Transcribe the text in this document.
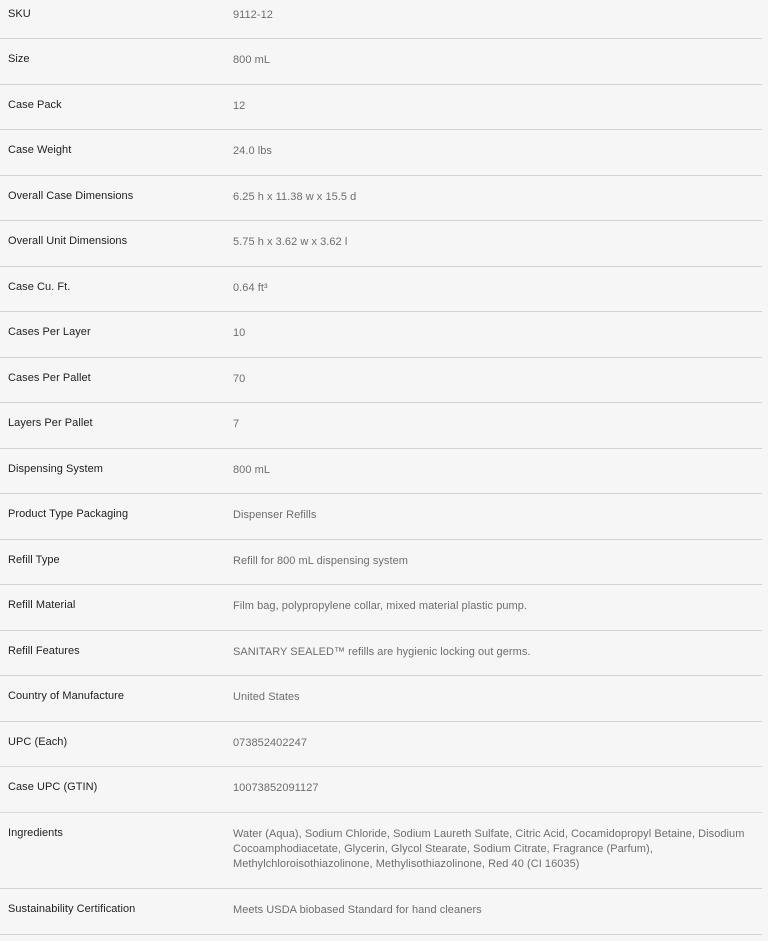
SKU	9112-12
Size	800 mL
Case Pack	12
Case Weight	24.0 lbs
Overall Case Dimensions	6.25 h x 11.38 w x 15.5 d
Overall Unit Dimensions	5.75 h x 3.62 w x 3.62 l
Case Cu. Ft.	0.64 ft³
Cases Per Layer	10
Cases Per Pallet	70
Layers Per Pallet	7
Dispensing System	800 mL
Product Type Packaging	Dispenser Refills
Refill Type	Refill for 800 mL dispensing system
Refill Material	Film bag, polypropylene collar, mixed material plastic pump.
Refill Features	SANITARY SEALED™ refills are hygienic locking out germs.
Country of Manufacture	United States
UPC (Each)	073852402247
Case UPC (GTIN)	10073852091127
Ingredients	Water (Aqua), Sodium Chloride, Sodium Laureth Sulfate, Citric Acid, Cocamidopropyl Betaine, Disodium Cocoamphodiacetate, Glycerin, Glycol Stearate, Sodium Citrate, Fragrance (Parfum), Methylchloroisothiazolinone, Methylisothiazolinone, Red 40 (CI 16035)
Sustainability Certification	Meets USDA biobased Standard for hand cleaners
